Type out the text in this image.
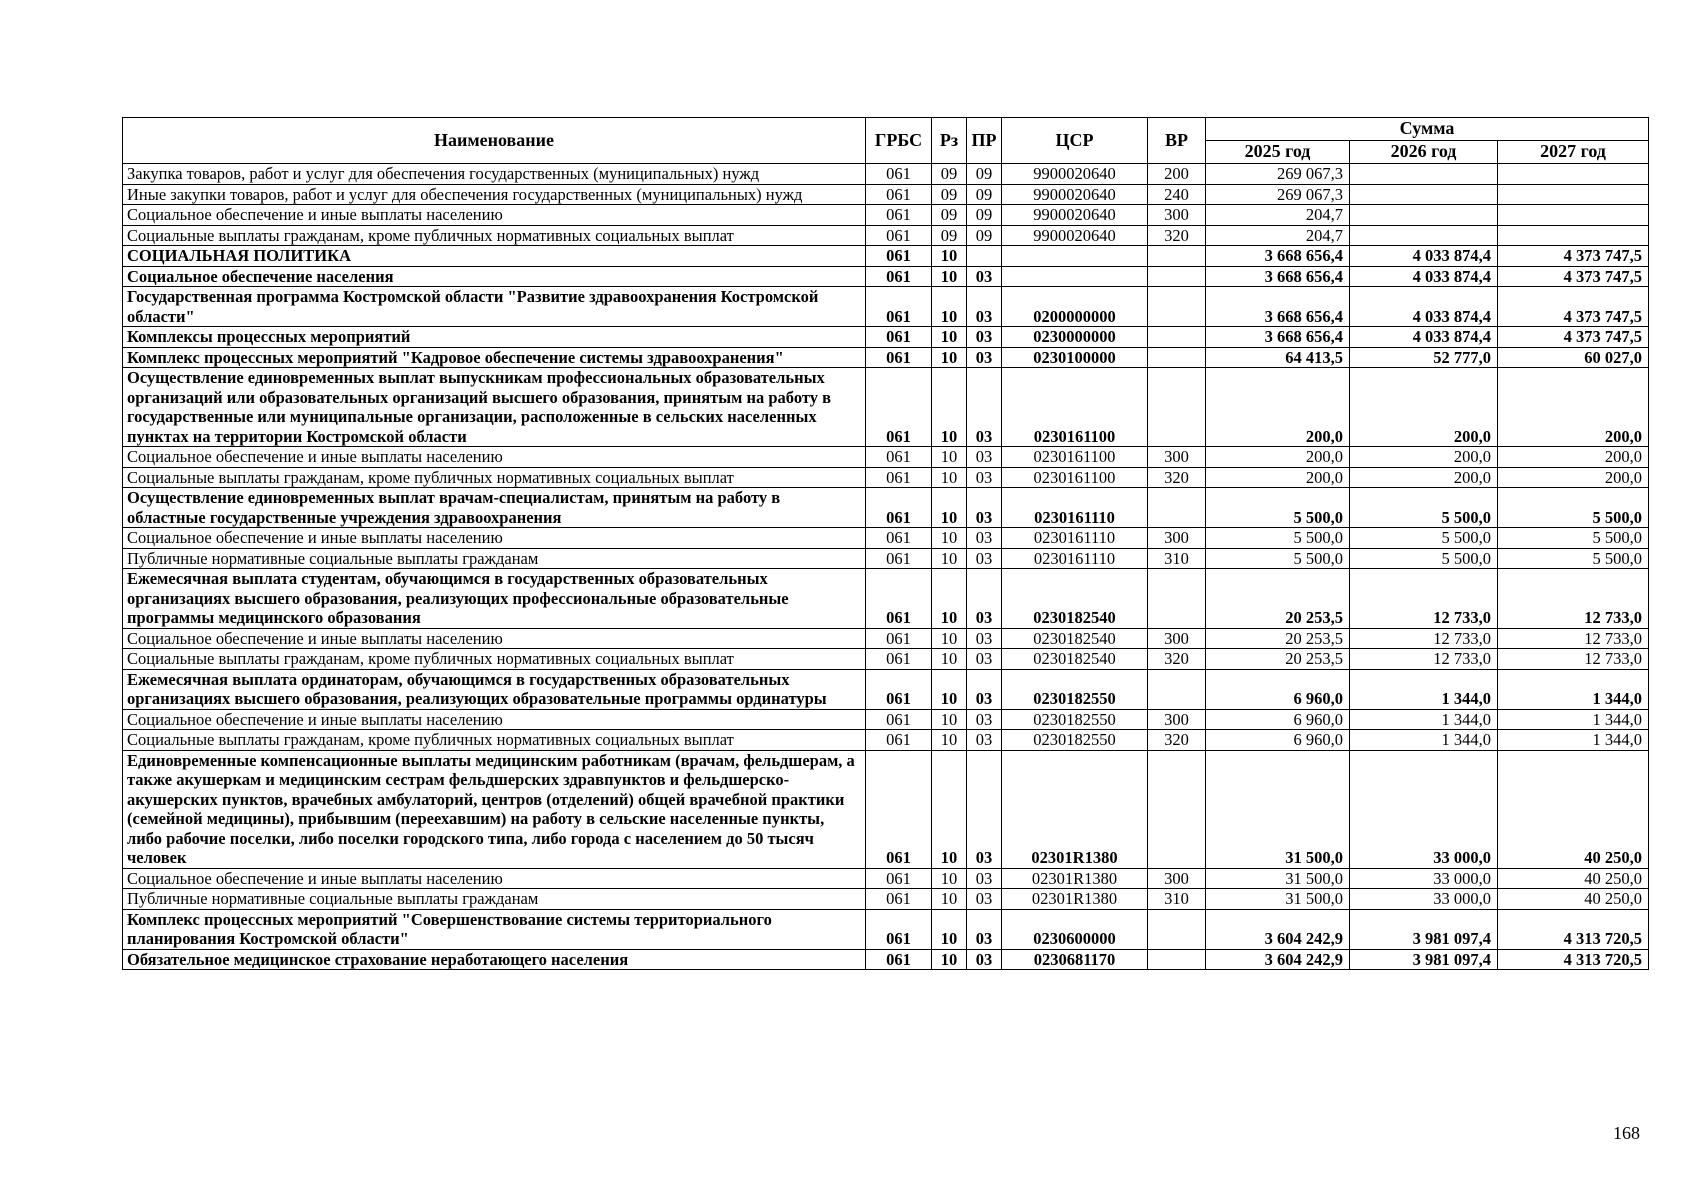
Наименование	ГРБС	Рз	ПР	ЦСР	ВР	Сумма		
						2025 год	2026 год	2027 год
Закупка товаров, работ и услуг для обеспечения государственных (муниципальных) нужд	061	09	09	9900020640	200	269 067,3		
Иные закупки товаров, работ и услуг для обеспечения государственных (муниципальных) нужд	061	09	09	9900020640	240	269 067,3		
Социальное обеспечение и иные выплаты населению	061	09	09	9900020640	300	204,7		
Социальные выплаты гражданам, кроме публичных нормативных социальных выплат	061	09	09	9900020640	320	204,7		
СОЦИАЛЬНАЯ ПОЛИТИКА	061	10				3 668 656,4	4 033 874,4	4 373 747,5
Социальное обеспечение населения	061	10	03			3 668 656,4	4 033 874,4	4 373 747,5
Государственная программа Костромской области "Развитие здравоохранения Костромской области"	061	10	03	0200000000		3 668 656,4	4 033 874,4	4 373 747,5
Комплексы процессных мероприятий	061	10	03	0230000000		3 668 656,4	4 033 874,4	4 373 747,5
Комплекс процессных мероприятий "Кадровое обеспечение системы здравоохранения"	061	10	03	0230100000		64 413,5	52 777,0	60 027,0
Осуществление единовременных выплат выпускникам профессиональных образовательных организаций или образовательных организаций высшего образования, принятым на работу в государственные или муниципальные организации, расположенные в сельских населенных пунктах на территории Костромской области	061	10	03	0230161100		200,0	200,0	200,0
Социальное обеспечение и иные выплаты населению	061	10	03	0230161100	300	200,0	200,0	200,0
Социальные выплаты гражданам, кроме публичных нормативных социальных выплат	061	10	03	0230161100	320	200,0	200,0	200,0
Осуществление единовременных выплат врачам-специалистам, принятым на работу в областные государственные учреждения здравоохранения	061	10	03	0230161110		5 500,0	5 500,0	5 500,0
Социальное обеспечение и иные выплаты населению	061	10	03	0230161110	300	5 500,0	5 500,0	5 500,0
Публичные нормативные социальные выплаты гражданам	061	10	03	0230161110	310	5 500,0	5 500,0	5 500,0
Ежемесячная выплата студентам, обучающимся в государственных образовательных организациях высшего образования, реализующих профессиональные образовательные программы медицинского образования	061	10	03	0230182540		20 253,5	12 733,0	12 733,0
Социальное обеспечение и иные выплаты населению	061	10	03	0230182540	300	20 253,5	12 733,0	12 733,0
Социальные выплаты гражданам, кроме публичных нормативных социальных выплат	061	10	03	0230182540	320	20 253,5	12 733,0	12 733,0
Ежемесячная выплата ординаторам, обучающимся в государственных образовательных организациях высшего образования, реализующих образовательные программы ординатуры	061	10	03	0230182550		6 960,0	1 344,0	1 344,0
Социальное обеспечение и иные выплаты населению	061	10	03	0230182550	300	6 960,0	1 344,0	1 344,0
Социальные выплаты гражданам, кроме публичных нормативных социальных выплат	061	10	03	0230182550	320	6 960,0	1 344,0	1 344,0
Единовременные компенсационные выплаты медицинским работникам (врачам, фельдшерам, а также акушеркам и медицинским сестрам фельдшерских здравпунктов и фельдшерско-акушерских пунктов, врачебных амбулаторий, центров (отделений) общей врачебной практики (семейной медицины), прибывшим (переехавшим) на работу в сельские населенные пункты, либо рабочие поселки, либо поселки городского типа, либо города с населением до 50 тысяч человек	061	10	03	02301R1380		31 500,0	33 000,0	40 250,0
Социальное обеспечение и иные выплаты населению	061	10	03	02301R1380	300	31 500,0	33 000,0	40 250,0
Публичные нормативные социальные выплаты гражданам	061	10	03	02301R1380	310	31 500,0	33 000,0	40 250,0
Комплекс процессных мероприятий "Совершенствование системы территориального планирования Костромской области"	061	10	03	0230600000		3 604 242,9	3 981 097,4	4 313 720,5
Обязательное медицинское страхование неработающего населения	061	10	03	0230681170		3 604 242,9	3 981 097,4	4 313 720,5
168
